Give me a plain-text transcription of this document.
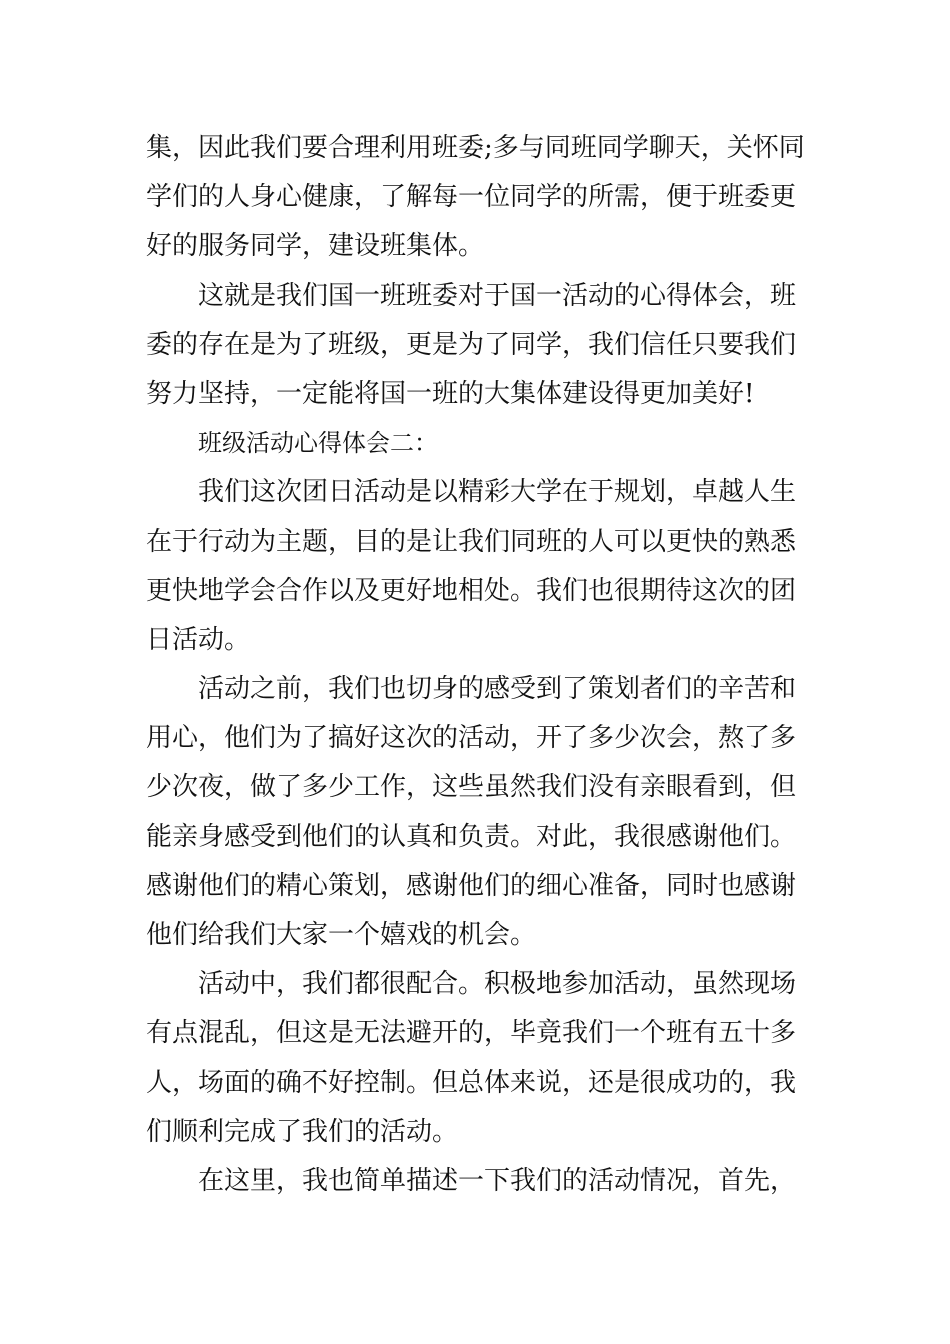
集，因此我们要合理利用班委;多与同班同学聊天，关怀同
学们的人身心健康，了解每一位同学的所需，便于班委更
好的服务同学，建设班集体。
这就是我们国一班班委对于国一活动的心得体会，班
委的存在是为了班级，更是为了同学，我们信任只要我们
努力坚持，一定能将国一班的大集体建设得更加美好!
班级活动心得体会二：
我们这次团日活动是以精彩大学在于规划，卓越人生
在于行动为主题，目的是让我们同班的人可以更快的熟悉
更快地学会合作以及更好地相处。我们也很期待这次的团
日活动。
活动之前，我们也切身的感受到了策划者们的辛苦和
用心，他们为了搞好这次的活动，开了多少次会，熬了多
少次夜，做了多少工作，这些虽然我们没有亲眼看到，但
能亲身感受到他们的认真和负责。对此，我很感谢他们。
感谢他们的精心策划，感谢他们的细心准备，同时也感谢
他们给我们大家一个嬉戏的机会。
活动中，我们都很配合。积极地参加活动，虽然现场
有点混乱，但这是无法避开的，毕竟我们一个班有五十多
人，场面的确不好控制。但总体来说，还是很成功的，我
们顺利完成了我们的活动。
在这里，我也简单描述一下我们的活动情况，首先，
